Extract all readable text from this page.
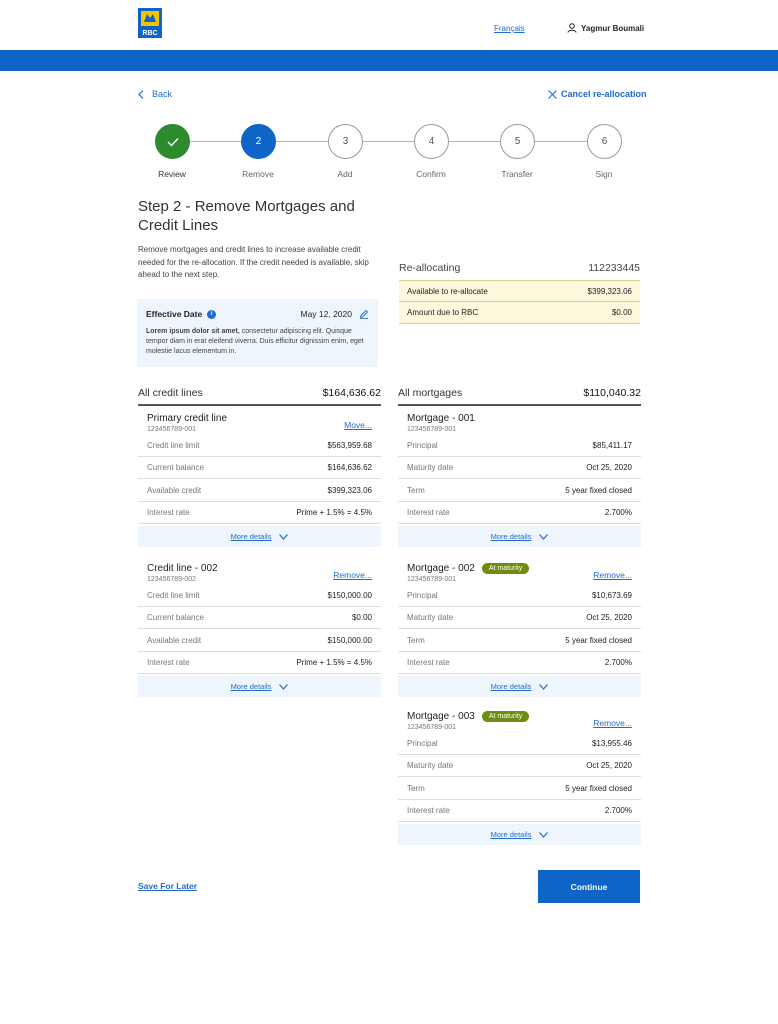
RBC
Français	Yagmur Boumali
Back	Cancel re-allocation
Review
2
Remove
3
Add
4
Confirm
5
Transfer
6
Sign
Step 2 - Remove Mortgages and Credit Lines

Remove mortgages and credit lines to increase available credit needed for the re-allocation. If the credit needed is available, skip ahead to the next step.

Effective Date	i	May 12, 2020
Lorem ipsum dolor sit amet, consectetur adipiscing elit. Quisque tempor diam in erat eleifend viverra. Duis efficitur dignissim enim, eget molestie lacus elementum in.
Re-allocating	112233445
Available to re-allocate	$399,323.06
Amount due to RBC	$0.00
All credit lines	$164,636.62 All mortgages	$110,040.32
Primary credit line
123456789-001	Move...
Credit line limit	$563,959.68
Current balance	$164,636.62
Available credit	$399,323.06
Interest rate	Prime + 1.5% = 4.5%
More details
Credit line - 002
123456789-002	Remove...
Credit line limit	$150,000.00
Current balance	$0.00
Available credit	$150,000.00
Interest rate	Prime + 1.5% = 4.5%
More details
Mortgage - 001
123456789-001
Principal	$85,411.17
Maturity date	Oct 25, 2020
Term	5 year fixed closed
Interest rate	2.700%
More details
Mortgage - 002	At maturity
123456789-001	Remove...
Principal	$10,673.69
Maturity date	Oct 25, 2020
Term	5 year fixed closed
Interest rate	2.700%
More details
Mortgage - 003	At maturity
123456789-001	Remove...
Principal	$13,955.46
Maturity date	Oct 25, 2020
Term	5 year fixed closed
Interest rate	2.700%
More details
Save For Later	Continue
